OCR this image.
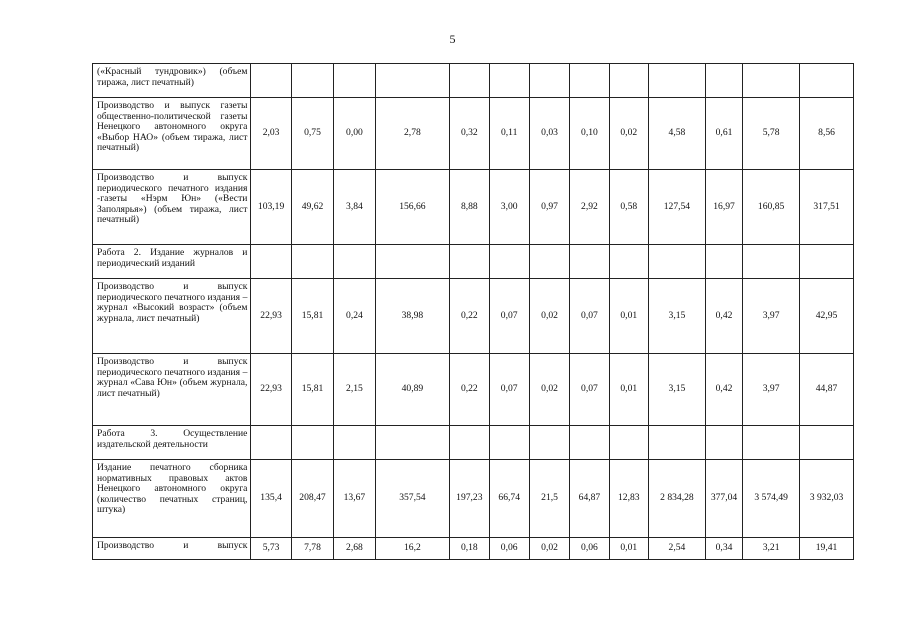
5
(«Красный тундровик») (объем тиража, лист печатный)													
Производство и выпуск газеты общественно-политической газеты Ненецкого автономного округа «Выбор НАО» (объем тиража, лист печатный)	2,03	0,75	0,00	2,78	0,32	0,11	0,03	0,10	0,02	4,58	0,61	5,78	8,56
Производство и выпуск периодического печатного издания -газеты «Нэрм Юн» («Вести Заполярья») (объем тиража, лист печатный)	103,19	49,62	3,84	156,66	8,88	3,00	0,97	2,92	0,58	127,54	16,97	160,85	317,51
Работа 2. Издание журналов и периодический изданий													
Производство и выпуск периодического печатного издания – журнал «Высокий возраст» (объем журнала, лист печатный)	22,93	15,81	0,24	38,98	0,22	0,07	0,02	0,07	0,01	3,15	0,42	3,97	42,95
Производство и выпуск периодического печатного издания – журнал «Сава Юн» (объем журнала, лист печатный)	22,93	15,81	2,15	40,89	0,22	0,07	0,02	0,07	0,01	3,15	0,42	3,97	44,87
Работа 3. Осуществление издательской деятельности													
Издание печатного сборника нормативных правовых актов Ненецкого автономного округа (количество печатных страниц, штука)	135,4	208,47	13,67	357,54	197,23	66,74	21,5	64,87	12,83	2 834,28	377,04	3 574,49	3 932,03
Производство и выпуск	5,73	7,78	2,68	16,2	0,18	0,06	0,02	0,06	0,01	2,54	0,34	3,21	19,41
